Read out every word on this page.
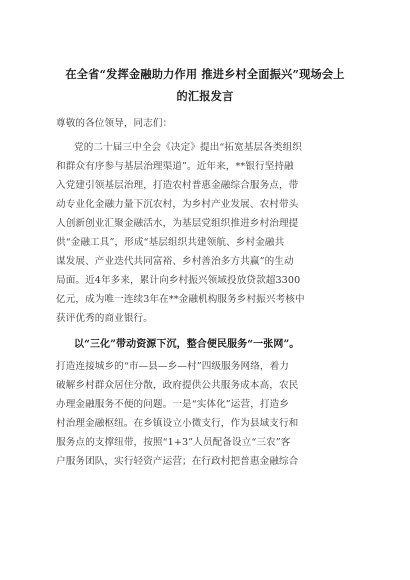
在全省“发挥金融助力作用 推进乡村全面振兴”现场会上
的汇报发言
尊敬的各位领导，同志们：
党的二十届三中全会《决定》提出“拓宽基层各类组织
和群众有序参与基层治理渠道”。近年来，**银行坚持融
入党建引领基层治理，打造农村普惠金融综合服务点，带
动专业化金融力量下沉农村，为乡村产业发展、农村带头
人创新创业汇聚金融活水，为基层党组织推进乡村治理提
供“金融工具”，形成“基层组织共建领航、乡村金融共
谋发展、产业迭代共同富裕、乡村善治多方共赢”的生动
局面。近4年多来，累计向乡村振兴领域投放贷款超3300
亿元，成为唯一连续3年在**金融机构服务乡村振兴考核中
获评优秀的商业银行。
以“三化”带动资源下沉，整合便民服务“一张网”。
打造连接城乡的“市—县—乡—村”四级服务网络，着力
破解乡村群众居住分散，政府提供公共服务成本高，农民
办理金融服务不便的问题。一是“实体化”运营，打造乡
村治理金融枢纽。在乡镇设立小微支行，作为县域支行和
服务点的支撑纽带，按照“1+3”人员配备设立“三农”客
户服务团队，实行轻资产运营；在行政村把普惠金融综合
